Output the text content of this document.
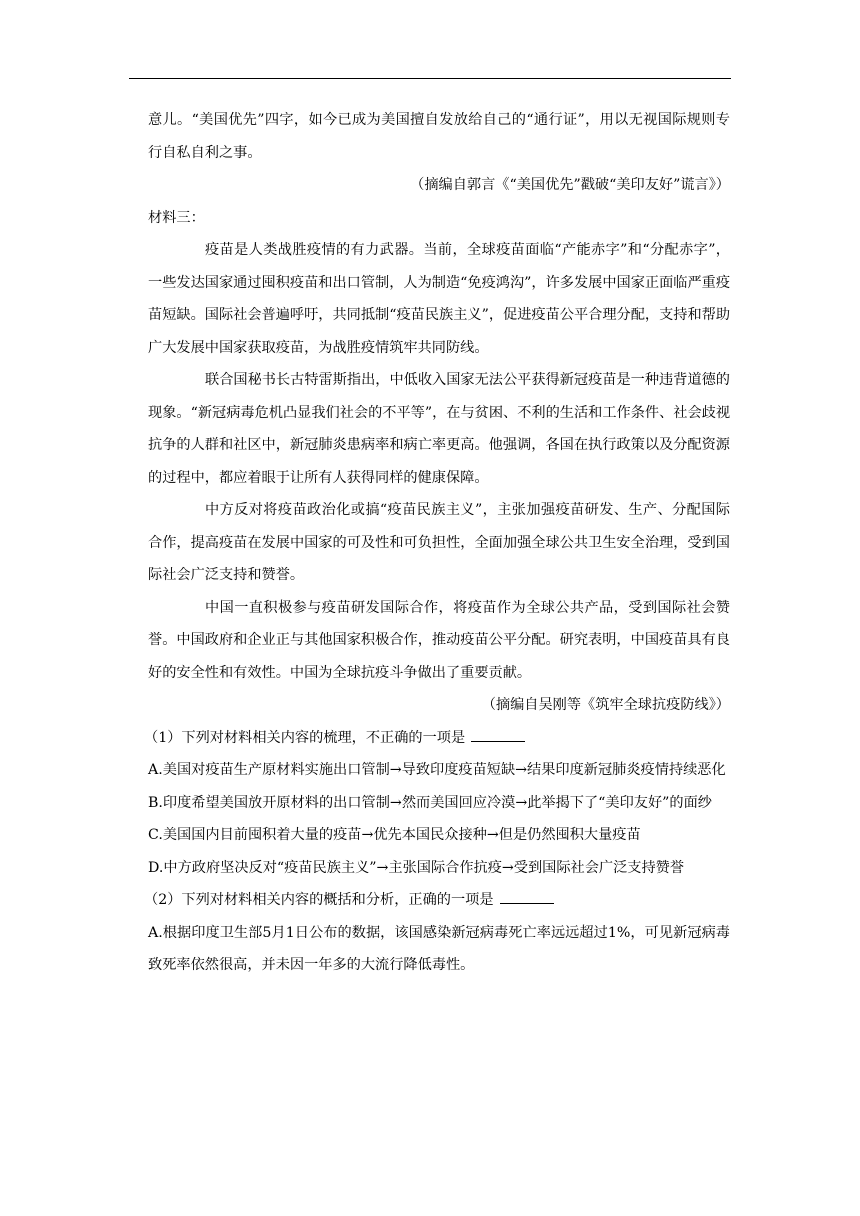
意儿。“美国优先”四字，如今已成为美国擅自发放给自己的“通行证”，用以无视国际规则专行自私自利之事。

（摘编自郭言《“美国优先”戳破“美印友好”谎言》）

材料三：

疫苗是人类战胜疫情的有力武器。当前，全球疫苗面临“产能赤字”和“分配赤字”，一些发达国家通过囤积疫苗和出口管制，人为制造“免疫鸿沟”，许多发展中国家正面临严重疫苗短缺。国际社会普遍呼吁，共同抵制“疫苗民族主义”，促进疫苗公平合理分配，支持和帮助广大发展中国家获取疫苗，为战胜疫情筑牢共同防线。

联合国秘书长古特雷斯指出，中低收入国家无法公平获得新冠疫苗是一种违背道德的现象。“新冠病毒危机凸显我们社会的不平等”，在与贫困、不利的生活和工作条件、社会歧视抗争的人群和社区中，新冠肺炎患病率和病亡率更高。他强调，各国在执行政策以及分配资源的过程中，都应着眼于让所有人获得同样的健康保障。

中方反对将疫苗政治化或搞“疫苗民族主义”，主张加强疫苗研发、生产、分配国际合作，提高疫苗在发展中国家的可及性和可负担性，全面加强全球公共卫生安全治理，受到国际社会广泛支持和赞誉。

中国一直积极参与疫苗研发国际合作，将疫苗作为全球公共产品，受到国际社会赞誉。中国政府和企业正与其他国家积极合作，推动疫苗公平分配。研究表明，中国疫苗具有良好的安全性和有效性。中国为全球抗疫斗争做出了重要贡献。

（摘编自吴刚等《筑牢全球抗疫防线》）

（1）下列对材料相关内容的梳理，不正确的一项是

A.美国对疫苗生产原材料实施出口管制→导致印度疫苗短缺→结果印度新冠肺炎疫情持续恶化

B.印度希望美国放开原材料的出口管制→然而美国回应冷漠→此举揭下了“美印友好”的面纱

C.美国国内目前囤积着大量的疫苗→优先本国民众接种→但是仍然囤积大量疫苗

D.中方政府坚决反对“疫苗民族主义”→主张国际合作抗疫→受到国际社会广泛支持赞誉

（2）下列对材料相关内容的概括和分析，正确的一项是

A.根据印度卫生部5月1日公布的数据，该国感染新冠病毒死亡率远远超过1%，可见新冠病毒致死率依然很高，并未因一年多的大流行降低毒性。
